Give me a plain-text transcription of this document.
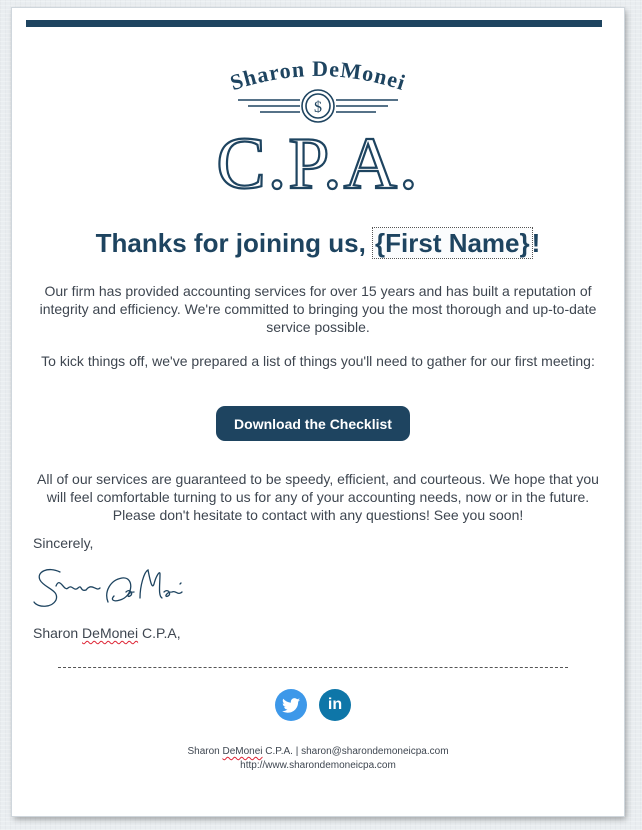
Sharon DeMonei
$
C.P.A.
Thanks for joining us, {First Name}!
Our firm has provided accounting services for over 15 years and has built a reputation of integrity and efficiency. We're committed to bringing you the most thorough and up-to-date service possible.
To kick things off, we've prepared a list of things you'll need to gather for our first meeting:
Download the Checklist
All of our services are guaranteed to be speedy, efficient, and courteous. We hope that you will feel comfortable turning to us for any of your accounting needs, now or in the future. Please don't hesitate to contact with any questions! See you soon!
Sincerely,
Sharon DeMonei C.P.A,
in
Sharon DeMonei C.P.A. | sharon@sharondemoneicpa.com
http://www.sharondemoneicpa.com
